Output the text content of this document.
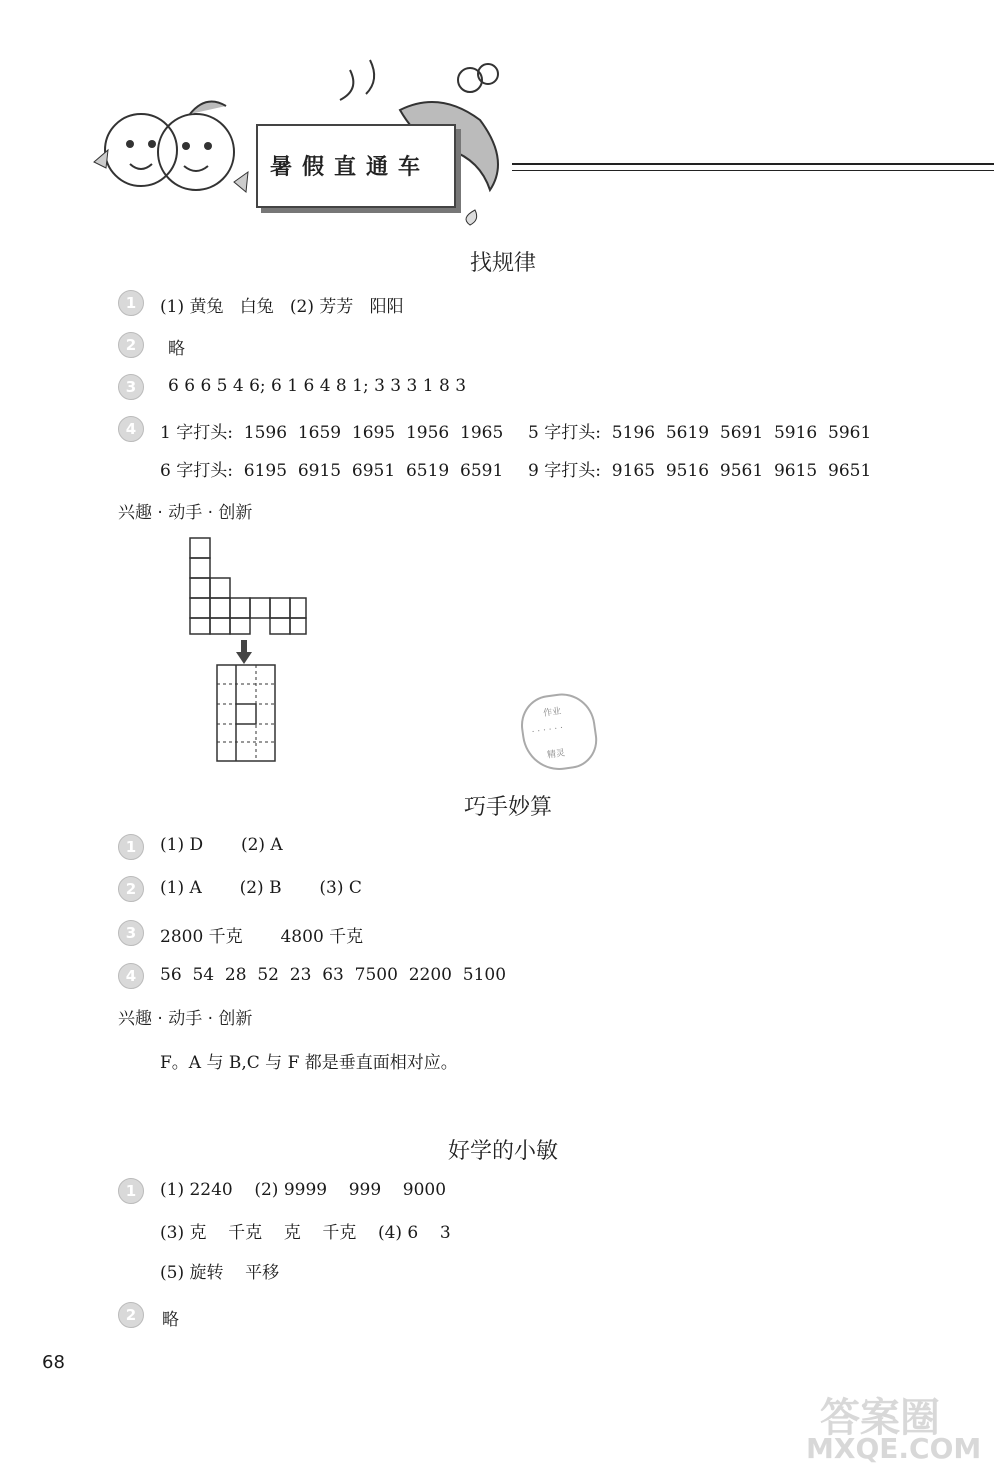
暑假直通车
找规律
1	(1) 黄兔   白兔   (2) 芳芳   阳阳
2	略
3	6 6 6 5 4 6; 6 1 6 4 8 1; 3 3 3 1 8 3
4	1 字打头:  1596  1659  1695  1956  1965 5 字打头:  5196  5619  5691  5916  5961
6 字打头:  6195  6915  6951  6519  6591 9 字打头:  9165  9516  9561  9615  9651
兴趣 · 动手 · 创新
作业
· · · · · ·
精灵
巧手妙算
1	(1) D       (2) A
2	(1) A       (2) B       (3) C
3	2800 千克       4800 千克
4	56  54  28  52  23  63  7500  2200  5100
兴趣 · 动手 · 创新
F。A 与 B,C 与 F 都是垂直面相对应。
好学的小敏
1	(1) 2240    (2) 9999    999    9000
(3) 克    千克    克    千克    (4) 6    3
(5) 旋转    平移
2	略
68
答案圈
MXQE.COM
